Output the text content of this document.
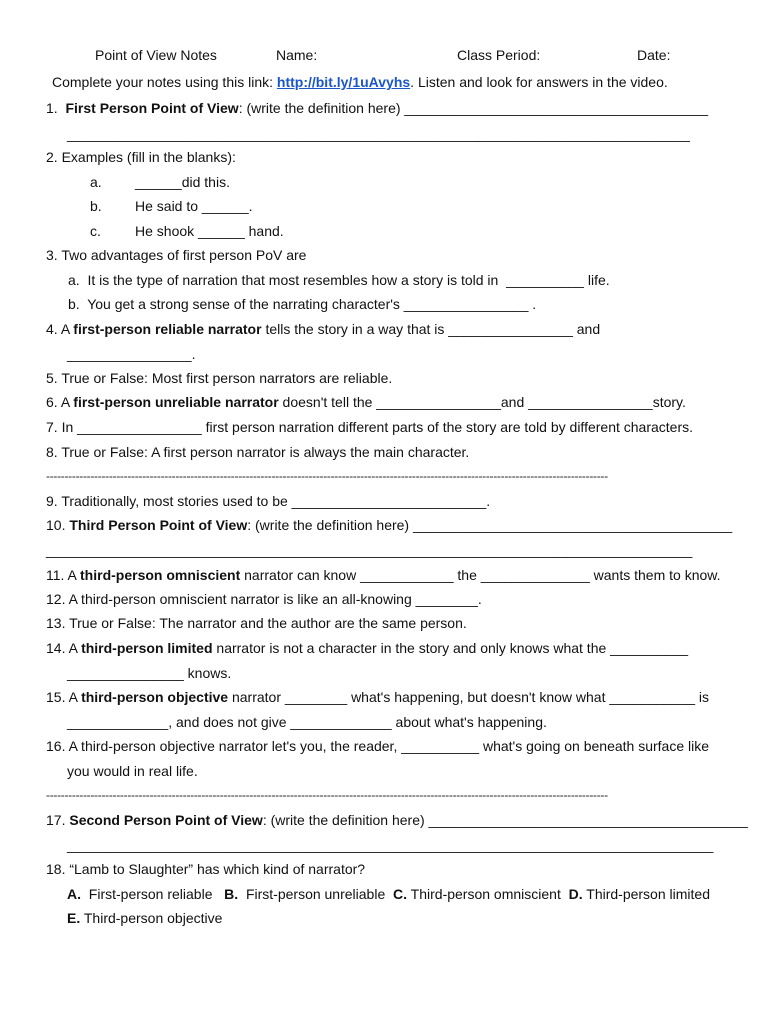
Point of View Notes	Name:	Class Period:	Date:
Complete your notes using this link: http://bit.ly/1uAvyhs. Listen and look for answers in the video.
1. First Person Point of View: (write the definition here) _______________________________________
________________________________________________________________________________
2. Examples (fill in the blanks):
a. ______did this.
b. He said to ______.
c. He shook ______ hand.
3. Two advantages of first person PoV are
a. It is the type of narration that most resembles how a story is told in  __________ life.
b. You get a strong sense of the narrating character's ________________ .
4. A first-person reliable narrator tells the story in a way that is ________________ and
________________.
5. True or False: Most first person narrators are reliable.
6. A first-person unreliable narrator doesn't tell the ________________and ________________story.
7. In ________________ first person narration different parts of the story are told by different characters.
8. True or False: A first person narrator is always the main character.
--------------------------------------------------------------------------------------------------------------------------------------------------------
9. Traditionally, most stories used to be _________________________.
10. Third Person Point of View: (write the definition here) _________________________________________
___________________________________________________________________________________
11. A third-person omniscient narrator can know ____________ the ______________ wants them to know.
12. A third-person omniscient narrator is like an all-knowing ________.
13. True or False: The narrator and the author are the same person.
14. A third-person limited narrator is not a character in the story and only knows what the __________
_______________ knows.
15. A third-person objective narrator ________ what's happening, but doesn't know what ___________ is
_____________, and does not give _____________ about what's happening.
16. A third-person objective narrator let's you, the reader, __________ what's going on beneath surface like
you would in real life.
--------------------------------------------------------------------------------------------------------------------------------------------------------
17. Second Person Point of View: (write the definition here) _________________________________________
___________________________________________________________________________________
18. “Lamb to Slaughter” has which kind of narrator?
A. First-person reliable B. First-person unreliable C. Third-person omniscient D. Third-person limited
E. Third-person objective
